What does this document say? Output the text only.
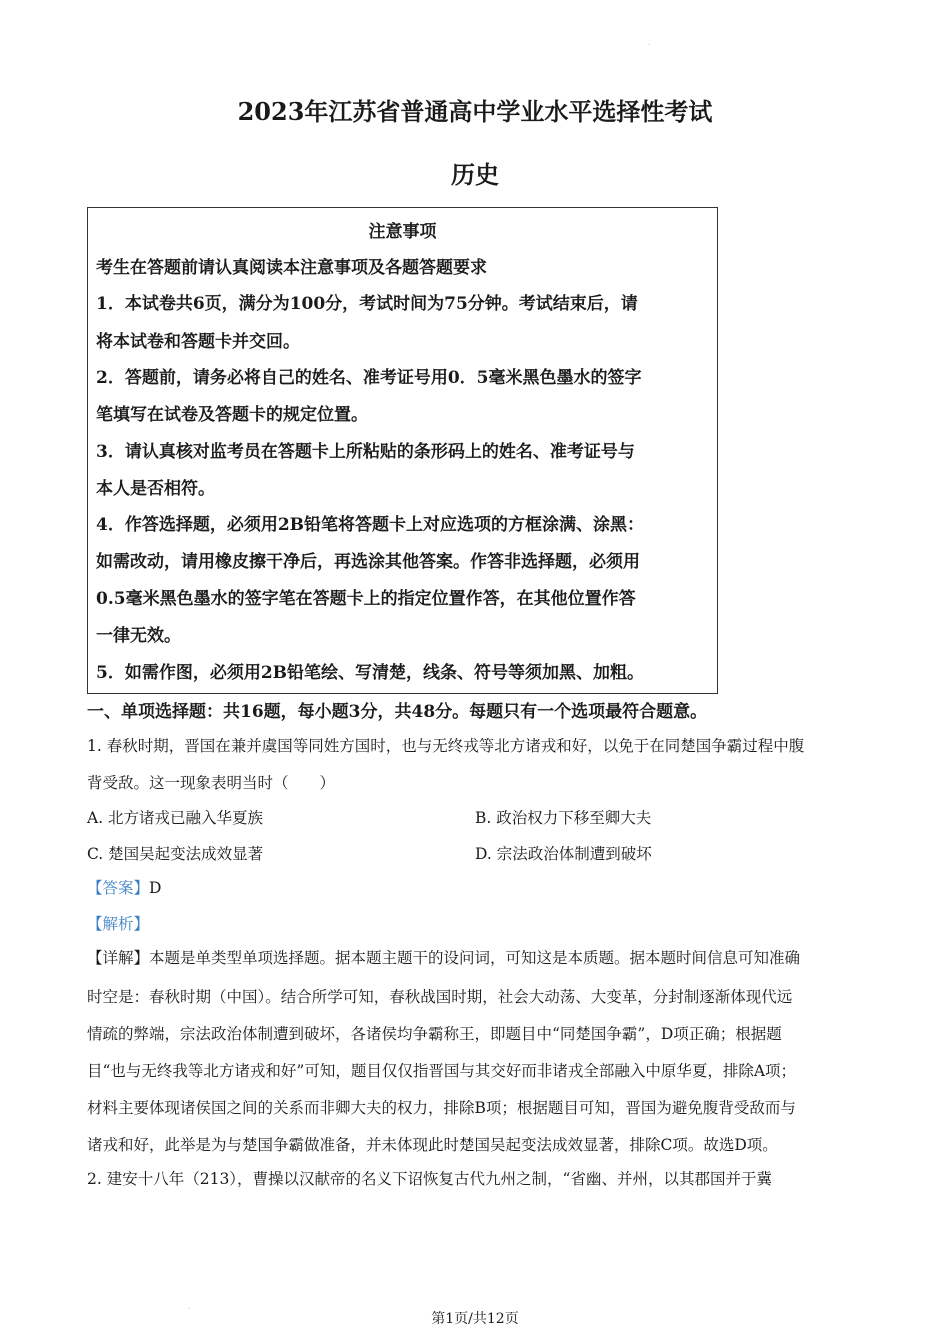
.
2023年江苏省普通高中学业水平选择性考试
历史
注意事项
考生在答题前请认真阅读本注意事项及各题答题要求
1．本试卷共6页，满分为100分，考试时间为75分钟。考试结束后，请
将本试卷和答题卡并交回。
2．答题前，请务必将自己的姓名、准考证号用0．5毫米黑色墨水的签字
笔填写在试卷及答题卡的规定位置。
3．请认真核对监考员在答题卡上所粘贴的条形码上的姓名、准考证号与
本人是否相符。
4．作答选择题，必须用2B铅笔将答题卡上对应选项的方框涂满、涂黑：
如需改动，请用橡皮擦干净后，再选涂其他答案。作答非选择题，必须用
0.5毫米黑色墨水的签字笔在答题卡上的指定位置作答，在其他位置作答
一律无效。
5．如需作图，必须用2B铅笔绘、写清楚，线条、符号等须加黑、加粗。
一、单项选择题：共16题，每小题3分，共48分。每题只有一个选项最符合题意。
1. 春秋时期，晋国在兼并虞国等同姓方国时，也与无终戎等北方诸戎和好，以免于在同楚国争霸过程中腹
背受敌。这一现象表明当时（　　）
A. 北方诸戎已融入华夏族	B. 政治权力下移至卿大夫
C. 楚国吴起变法成效显著	D. 宗法政治体制遭到破坏
【答案】D
【解析】
【详解】本题是单类型单项选择题。据本题主题干的设问词，可知这是本质题。据本题时间信息可知准确
时空是：春秋时期（中国）。结合所学可知，春秋战国时期，社会大动荡、大变革，分封制逐渐体现代远
情疏的弊端，宗法政治体制遭到破坏，各诸侯均争霸称王，即题目中“同楚国争霸”，D项正确；根据题
目“也与无终我等北方诸戎和好”可知，题目仅仅指晋国与其交好而非诸戎全部融入中原华夏，排除A项；
材料主要体现诸侯国之间的关系而非卿大夫的权力，排除B项；根据题目可知，晋国为避免腹背受敌而与
诸戎和好，此举是为与楚国争霸做准备，并未体现此时楚国吴起变法成效显著，排除C项。故选D项。
2. 建安十八年（213），曹操以汉献帝的名义下诏恢复古代九州之制，“省幽、并州，以其郡国并于冀
.
第1页/共12页
